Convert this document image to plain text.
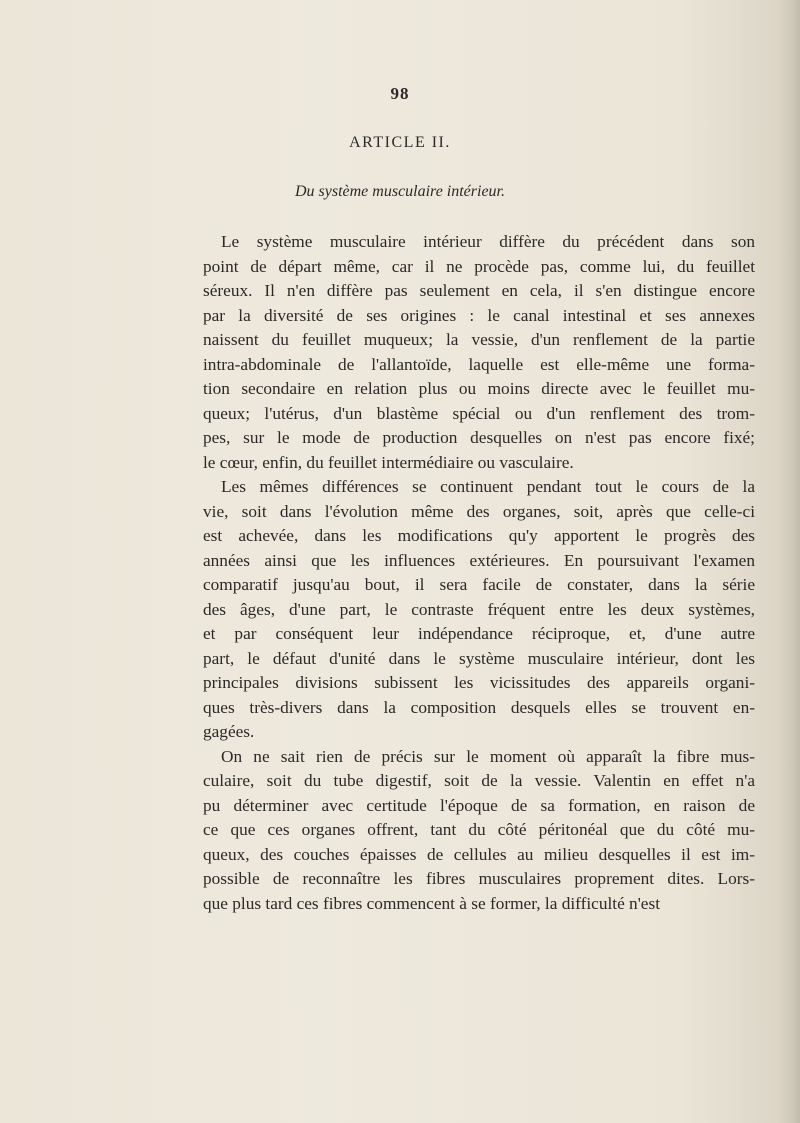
98
ARTICLE II.
Du système musculaire intérieur.
Le système musculaire intérieur diffère du précédent dans son
point de départ même, car il ne procède pas, comme lui, du feuillet
séreux. Il n'en diffère pas seulement en cela, il s'en distingue encore
par la diversité de ses origines : le canal intestinal et ses annexes
naissent du feuillet muqueux; la vessie, d'un renflement de la partie
intra-abdominale de l'allantoïde, laquelle est elle-même une forma-
tion secondaire en relation plus ou moins directe avec le feuillet mu-
queux; l'utérus, d'un blastème spécial ou d'un renflement des trom-
pes, sur le mode de production desquelles on n'est pas encore fixé;
le cœur, enfin, du feuillet intermédiaire ou vasculaire.
Les mêmes différences se continuent pendant tout le cours de la
vie, soit dans l'évolution même des organes, soit, après que celle-ci
est achevée, dans les modifications qu'y apportent le progrès des
années ainsi que les influences extérieures. En poursuivant l'examen
comparatif jusqu'au bout, il sera facile de constater, dans la série
des âges, d'une part, le contraste fréquent entre les deux systèmes,
et par conséquent leur indépendance réciproque, et, d'une autre
part, le défaut d'unité dans le système musculaire intérieur, dont les
principales divisions subissent les vicissitudes des appareils organi-
ques très-divers dans la composition desquels elles se trouvent en-
gagées.
On ne sait rien de précis sur le moment où apparaît la fibre mus-
culaire, soit du tube digestif, soit de la vessie. Valentin en effet n'a
pu déterminer avec certitude l'époque de sa formation, en raison de
ce que ces organes offrent, tant du côté péritonéal que du côté mu-
queux, des couches épaisses de cellules au milieu desquelles il est im-
possible de reconnaître les fibres musculaires proprement dites. Lors-
que plus tard ces fibres commencent à se former, la difficulté n'est
